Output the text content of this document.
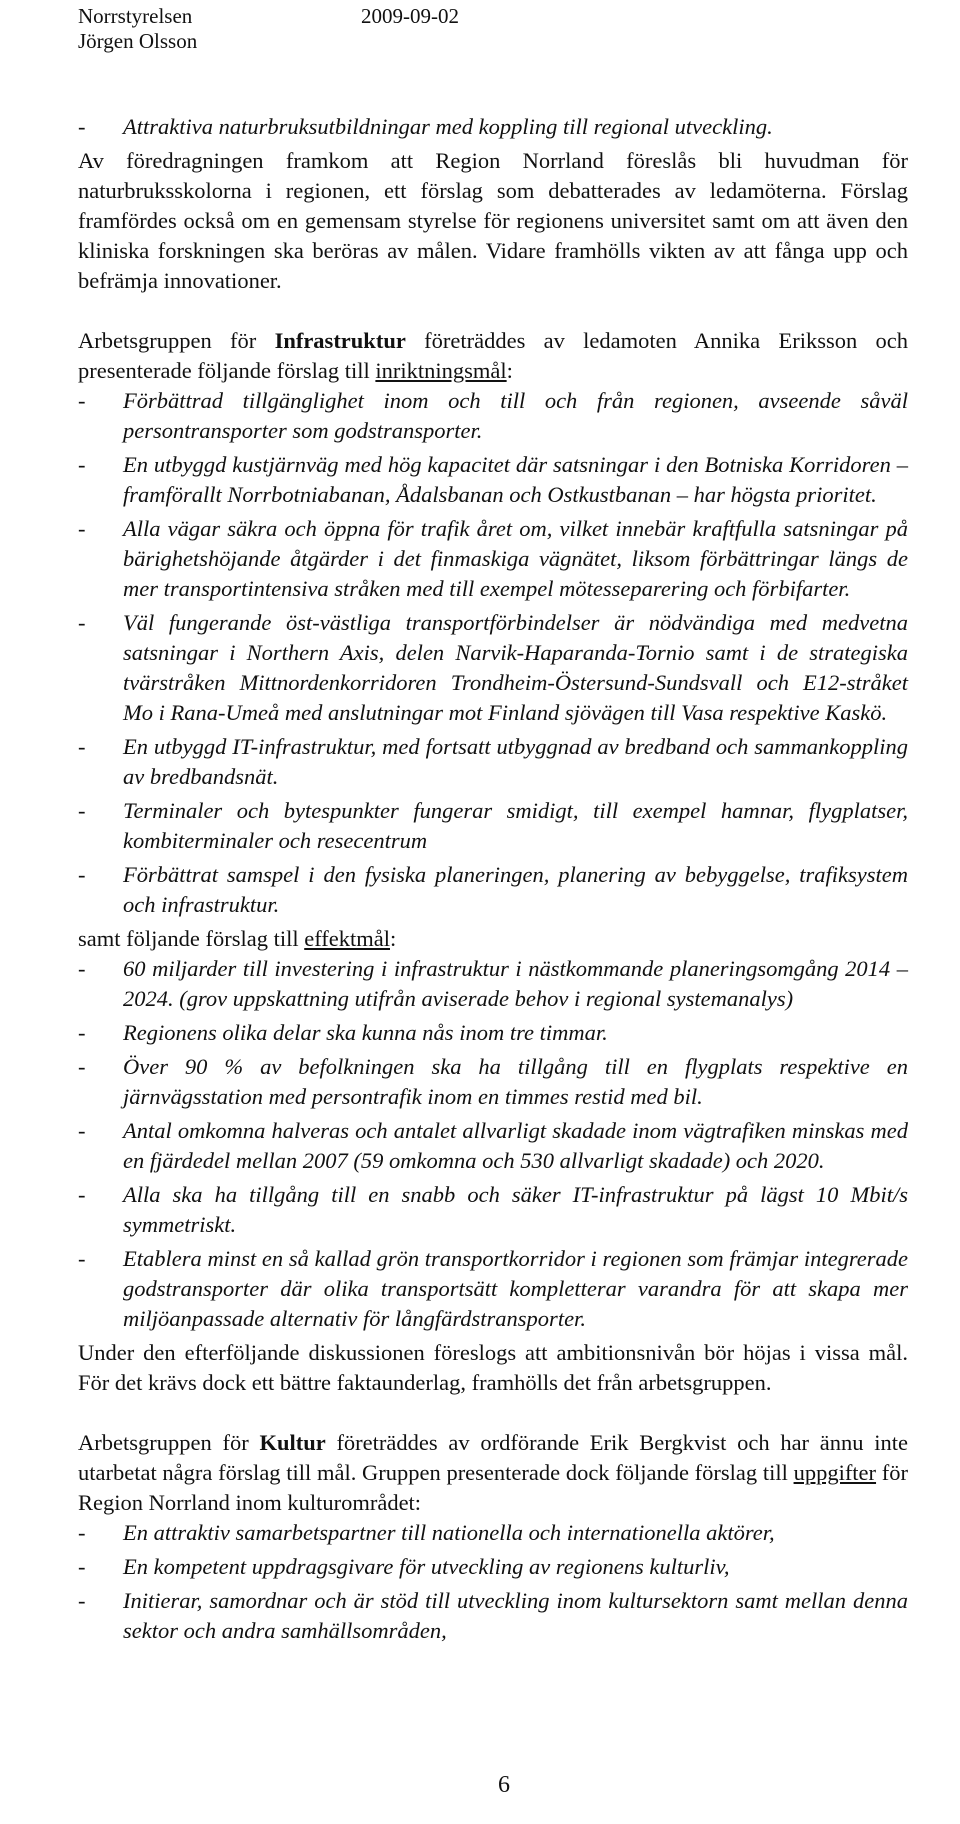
Norrstyrelsen
Jörgen Olsson
2009-09-02
- Attraktiva naturbruksutbildningar med koppling till regional utveckling.

Av föredragningen framkom att Region Norrland föreslås bli huvudman för naturbruksskolorna i regionen, ett förslag som debatterades av ledamöterna. Förslag framfördes också om en gemensam styrelse för regionens universitet samt om att även den kliniska forskningen ska beröras av målen. Vidare framhölls vikten av att fånga upp och befrämja innovationer.

Arbetsgruppen för Infrastruktur företräddes av ledamoten Annika Eriksson och presenterade följande förslag till inriktningsmål:

- Förbättrad tillgänglighet inom och till och från regionen, avseende såväl persontransporter som godstransporter.
- En utbyggd kustjärnväg med hög kapacitet där satsningar i den Botniska Korridoren – framförallt Norrbotniabanan, Ådalsbanan och Ostkustbanan – har högsta prioritet.
- Alla vägar säkra och öppna för trafik året om, vilket innebär kraftfulla satsningar på bärighetshöjande åtgärder i det finmaskiga vägnätet, liksom förbättringar längs de mer transportintensiva stråken med till exempel mötesseparering och förbifarter.
- Väl fungerande öst-västliga transportförbindelser är nödvändiga med medvetna satsningar i Northern Axis, delen Narvik-Haparanda-Tornio samt i de strategiska tvärstråken Mittnordenkorridoren Trondheim-Östersund-Sundsvall och E12-stråket Mo i Rana-Umeå med anslutningar mot Finland sjövägen till Vasa respektive Kaskö.
- En utbyggd IT-infrastruktur, med fortsatt utbyggnad av bredband och sammankoppling av bredbandsnät.
- Terminaler och bytespunkter fungerar smidigt, till exempel hamnar, flygplatser, kombiterminaler och resecentrum
- Förbättrat samspel i den fysiska planeringen, planering av bebyggelse, trafiksystem och infrastruktur.

samt följande förslag till effektmål:

- 60 miljarder till investering i infrastruktur i nästkommande planeringsomgång 2014 – 2024. (grov uppskattning utifrån aviserade behov i regional systemanalys)
- Regionens olika delar ska kunna nås inom tre timmar.
- Över 90 % av befolkningen ska ha tillgång till en flygplats respektive en järnvägsstation med persontrafik inom en timmes restid med bil.
- Antal omkomna halveras och antalet allvarligt skadade inom vägtrafiken minskas med en fjärdedel mellan 2007 (59 omkomna och 530 allvarligt skadade) och 2020.
- Alla ska ha tillgång till en snabb och säker IT-infrastruktur på lägst 10 Mbit/s symmetriskt.
- Etablera minst en så kallad grön transportkorridor i regionen som främjar integrerade godstransporter där olika transportsätt kompletterar varandra för att skapa mer miljöanpassade alternativ för långfärdstransporter.

Under den efterföljande diskussionen föreslogs att ambitionsnivån bör höjas i vissa mål. För det krävs dock ett bättre faktaunderlag, framhölls det från arbetsgruppen.

Arbetsgruppen för Kultur företräddes av ordförande Erik Bergkvist och har ännu inte utarbetat några förslag till mål. Gruppen presenterade dock följande förslag till uppgifter för Region Norrland inom kulturområdet:

- En attraktiv samarbetspartner till nationella och internationella aktörer,
- En kompetent uppdragsgivare för utveckling av regionens kulturliv,
- Initierar, samordnar och är stöd till utveckling inom kultursektorn samt mellan denna sektor och andra samhällsområden,
6
